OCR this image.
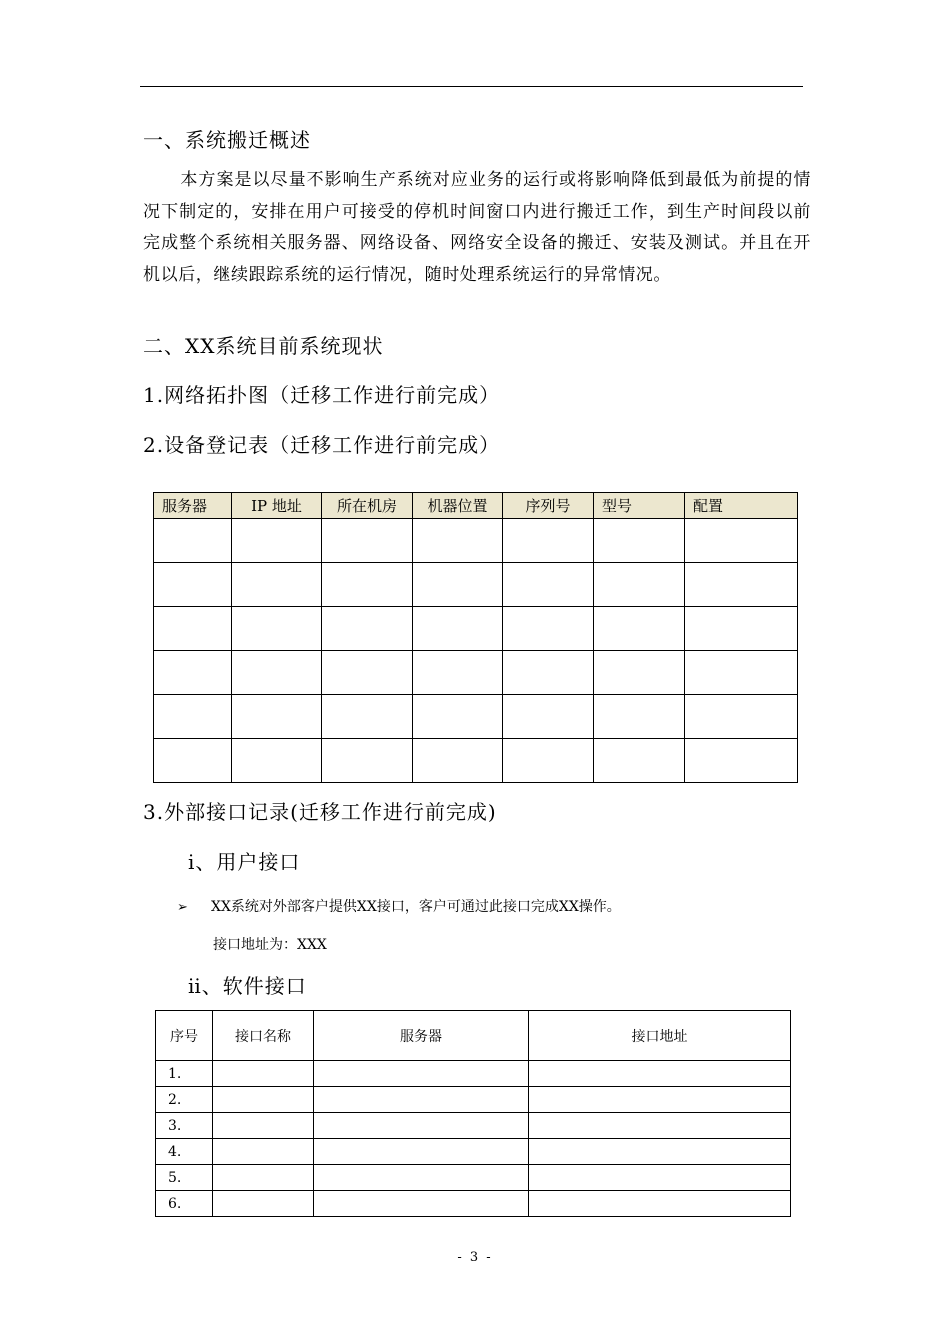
一、系统搬迁概述

本方案是以尽量不影响生产系统对应业务的运行或将影响降低到最低为前提的情况下制定的，安排在用户可接受的停机时间窗口内进行搬迁工作，到生产时间段以前完成整个系统相关服务器、网络设备、网络安全设备的搬迁、安装及测试。并且在开机以后，继续跟踪系统的运行情况，随时处理系统运行的异常情况。

二、XX系统目前系统现状
1.网络拓扑图（迁移工作进行前完成）
2.设备登记表（迁移工作进行前完成）
服务器	IP 地址	所在机房	机器位置	序列号	型号	配置

3.外部接口记录(迁移工作进行前完成)
ⅰ、用户接口
➢ XX系统对外部客户提供XX接口，客户可通过此接口完成XX操作。
接口地址为：XXX
ⅱ、软件接口
序号	接口名称	服务器	接口地址
1.			
2.			
3.			
4.			
5.			
6.			
- 3 -
